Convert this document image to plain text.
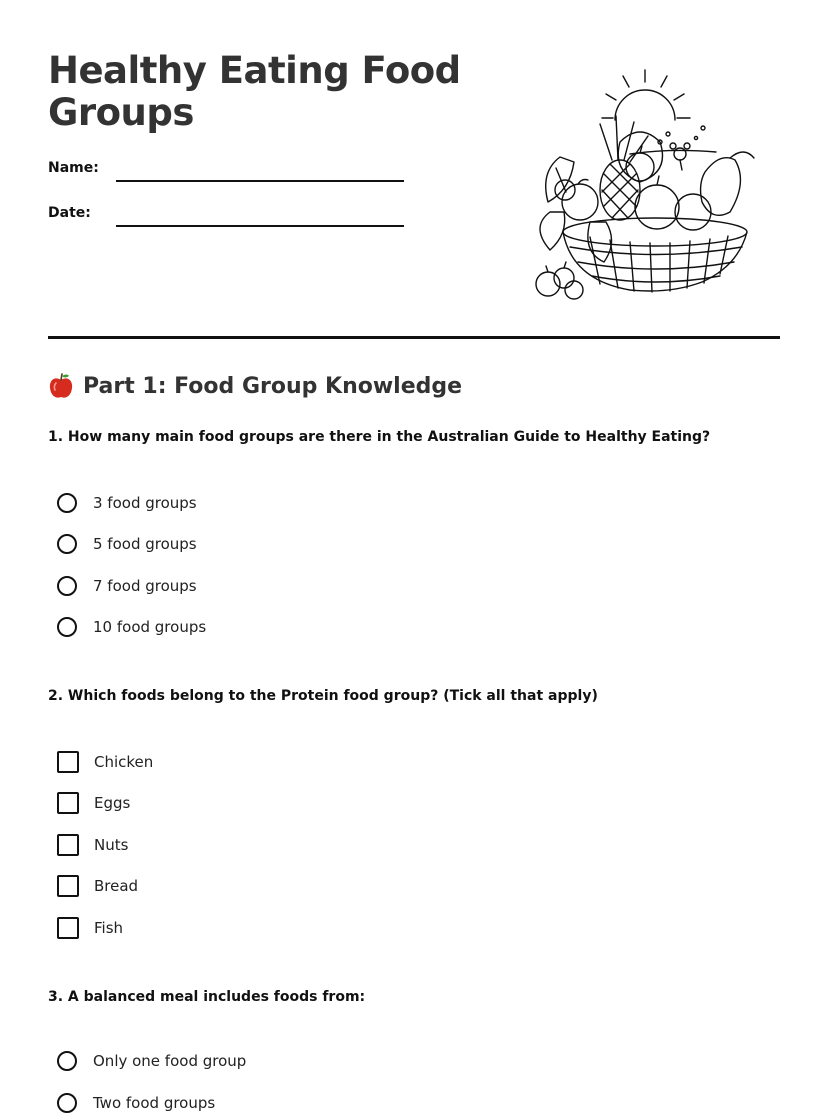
Healthy Eating Food Groups
Name:
Date:
Part 1: Food Group Knowledge

1. How many main food groups are there in the Australian Guide to Healthy Eating?

3 food groups
5 food groups
7 food groups
10 food groups

2. Which foods belong to the Protein food group? (Tick all that apply)

Chicken
Eggs
Nuts
Bread
Fish

3. A balanced meal includes foods from:

Only one food group
Two food groups
